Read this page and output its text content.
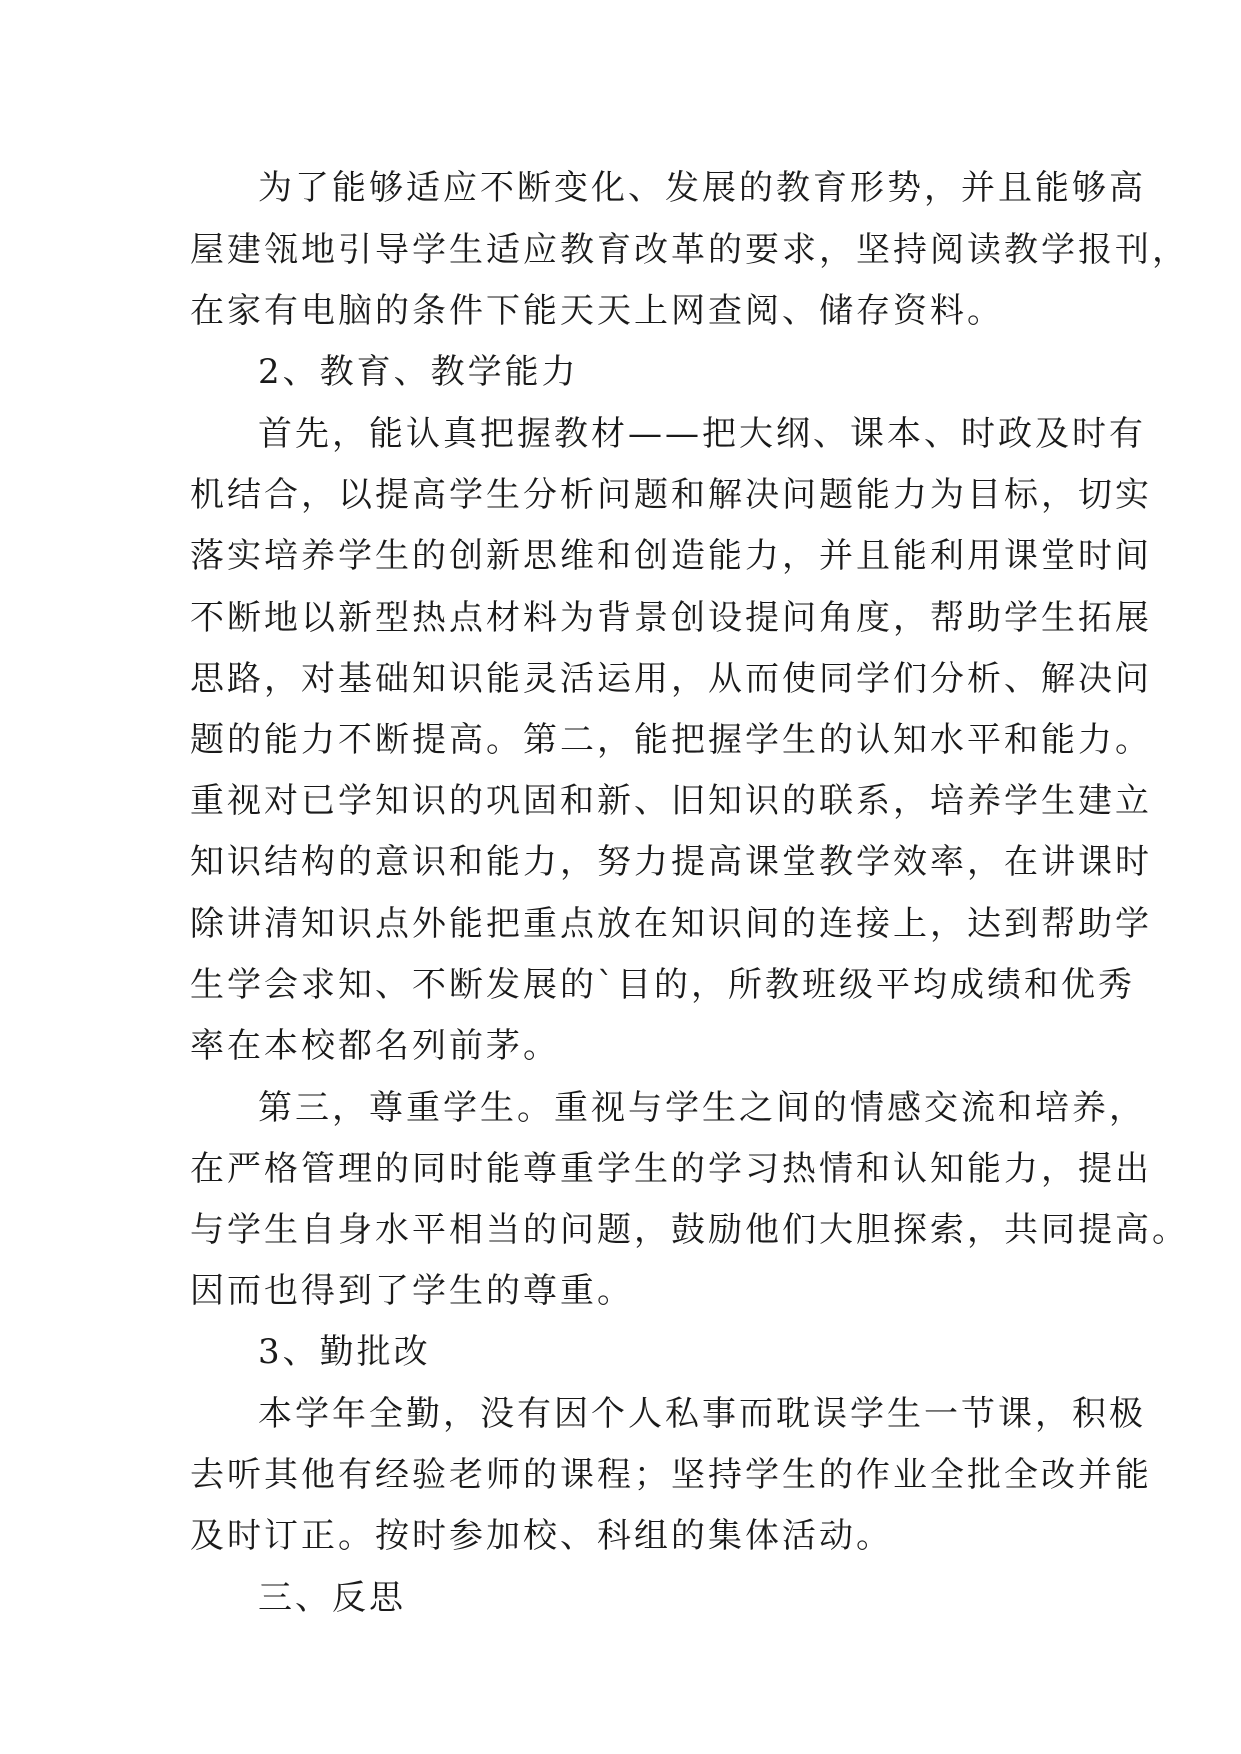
为了能够适应不断变化、发展的教育形势，并且能够高
屋建瓴地引导学生适应教育改革的要求，坚持阅读教学报刊，
在家有电脑的条件下能天天上网查阅、储存资料。
2、教育、教学能力
首先，能认真把握教材——把大纲、课本、时政及时有
机结合，以提高学生分析问题和解决问题能力为目标，切实
落实培养学生的创新思维和创造能力，并且能利用课堂时间
不断地以新型热点材料为背景创设提问角度，帮助学生拓展
思路，对基础知识能灵活运用，从而使同学们分析、解决问
题的能力不断提高。第二，能把握学生的认知水平和能力。
重视对已学知识的巩固和新、旧知识的联系，培养学生建立
知识结构的意识和能力，努力提高课堂教学效率，在讲课时
除讲清知识点外能把重点放在知识间的连接上，达到帮助学
生学会求知、不断发展的`目的，所教班级平均成绩和优秀
率在本校都名列前茅。
第三，尊重学生。重视与学生之间的情感交流和培养，
在严格管理的同时能尊重学生的学习热情和认知能力，提出
与学生自身水平相当的问题，鼓励他们大胆探索，共同提高。
因而也得到了学生的尊重。
3、勤批改
本学年全勤，没有因个人私事而耽误学生一节课，积极
去听其他有经验老师的课程；坚持学生的作业全批全改并能
及时订正。按时参加校、科组的集体活动。
三、反思
